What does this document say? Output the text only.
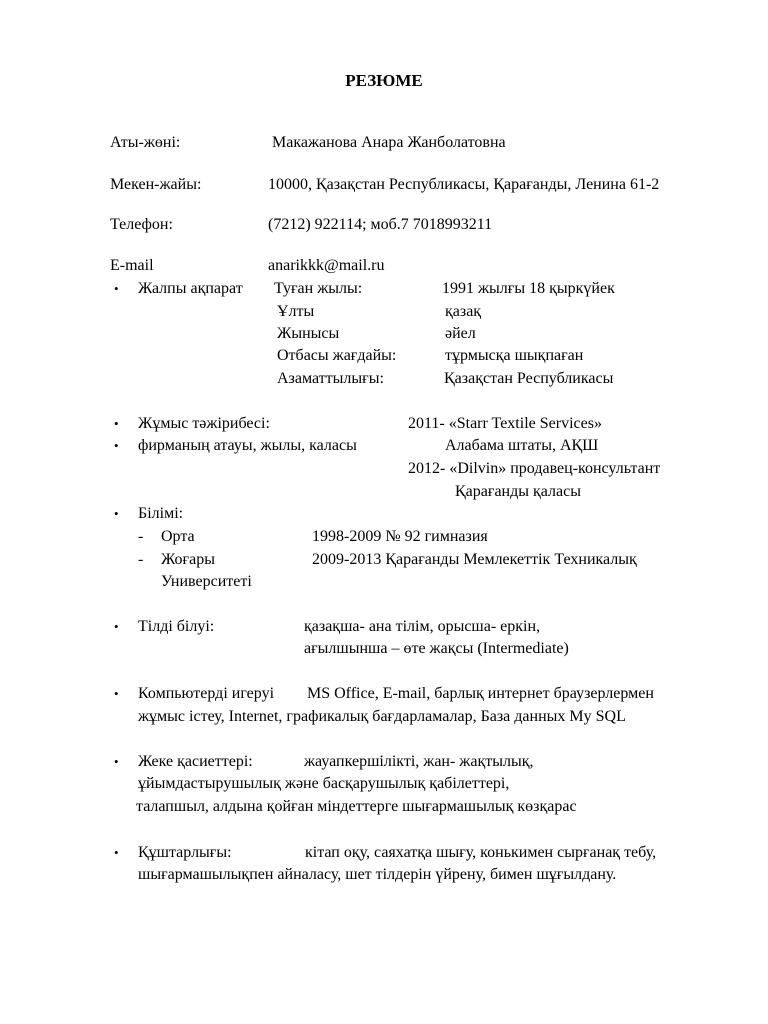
РЕЗЮМЕ
Аты-жөні:	Макажанова Анара Жанболатовна
Мекен-жайы:	10000, Қазақстан Республикасы, Қарағанды, Ленина 61-2
Телефон:	(7212) 922114; моб.7 7018993211
E-mail	anarikkk@mail.ru
• Жалпы ақпарат Туған жылы:	1991 жылғы 18 қыркүйек
Ұлты	қазақ
Жынысы	әйел
Отбасы жағдайы:	тұрмысқа шықпаған
Азаматтылығы:	Қазақстан Республикасы
• Жұмыс тәжірибесі:	2011- «Starr Textile Services»
• фирманың атауы, жылы, каласы	Алабама штаты, АҚШ
2012- «Dilvin» продавец-консультант
Қарағанды қаласы
• Білімі:
- Орта	1998-2009 № 92 гимназия
- Жоғары	2009-2013 Қарағанды Мемлекеттік Техникалық
Университеті
• Тілді білуі:	қазақша- ана тілім, орысша- еркін,
ағылшынша – өте жақсы (Intermediate)
• Компьютерді игеруі MS Office, E-mail, барлық интернет браузерлермен
жұмыс істеу, Internet, графикалық бағдарламалар, База данных My SQL
• Жеке қасиеттері:	жауапкершілікті, жан- жақтылық,
ұйымдастырушылық және басқарушылық қабілеттері,
талапшыл, алдына қойған міндеттерге шығармашылық көзқарас
• Құштарлығы:	кітап оқу, саяхатқа шығу, конькимен сырғанақ тебу,
шығармашылықпен айналасу, шет тілдерін үйрену, бимен шұғылдану.
